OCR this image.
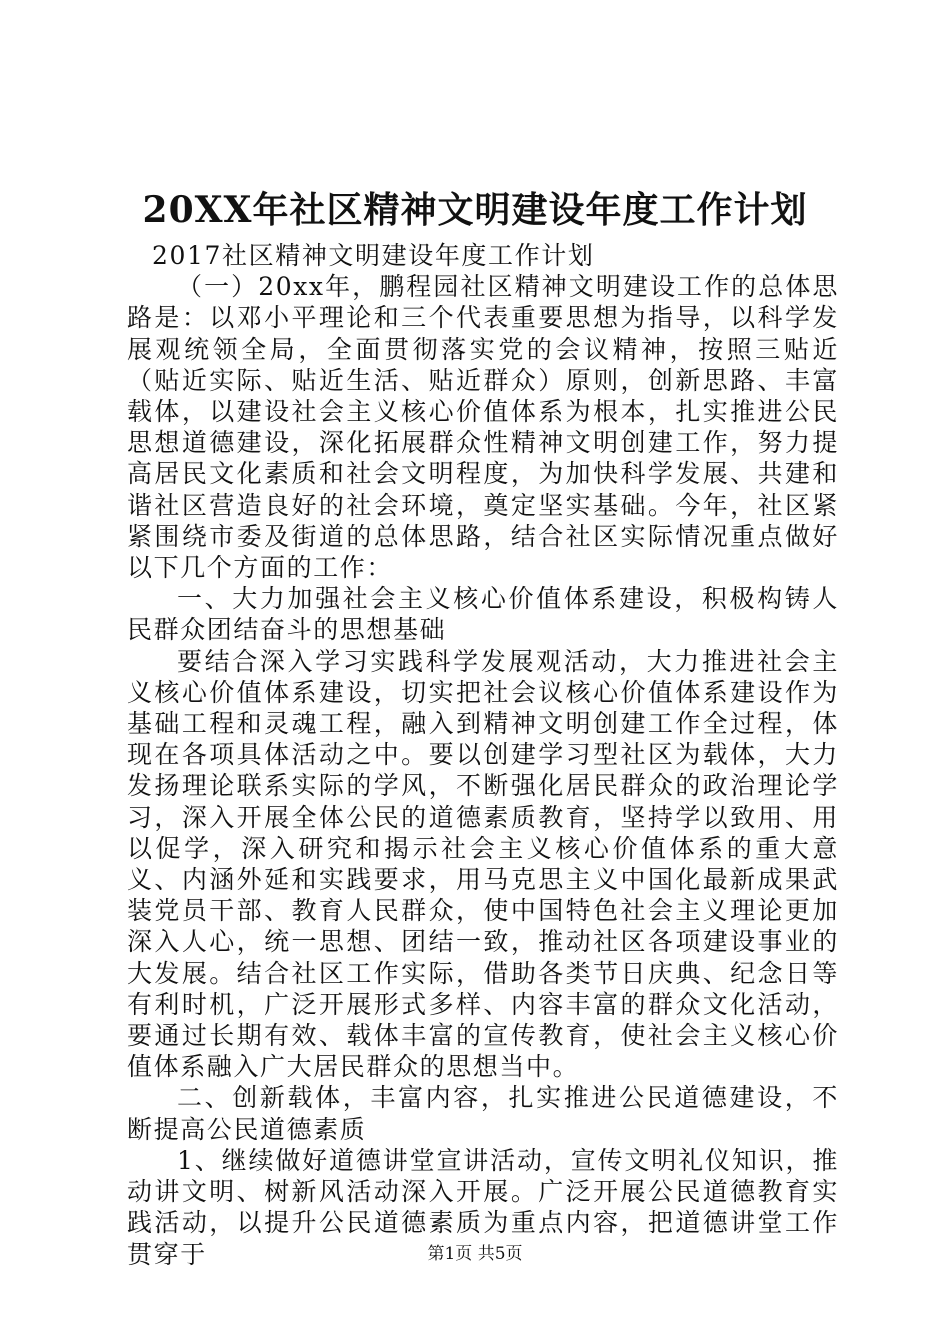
20XX年社区精神文明建设年度工作计划

2017社区精神文明建设年度工作计划

（一）20xx年，鹏程园社区精神文明建设工作的总体思路是：以邓小平理论和三个代表重要思想为指导，以科学发展观统领全局，全面贯彻落实党的会议精神，按照三贴近（贴近实际、贴近生活、贴近群众）原则，创新思路、丰富载体，以建设社会主义核心价值体系为根本，扎实推进公民思想道德建设，深化拓展群众性精神文明创建工作，努力提高居民文化素质和社会文明程度，为加快科学发展、共建和谐社区营造良好的社会环境，奠定坚实基础。今年，社区紧紧围绕市委及街道的总体思路，结合社区实际情况重点做好以下几个方面的工作：

一、大力加强社会主义核心价值体系建设，积极构铸人民群众团结奋斗的思想基础

要结合深入学习实践科学发展观活动，大力推进社会主义核心价值体系建设，切实把社会议核心价值体系建设作为基础工程和灵魂工程，融入到精神文明创建工作全过程，体现在各项具体活动之中。要以创建学习型社区为载体，大力发扬理论联系实际的学风，不断强化居民群众的政治理论学习，深入开展全体公民的道德素质教育，坚持学以致用、用以促学，深入研究和揭示社会主义核心价值体系的重大意义、内涵外延和实践要求，用马克思主义中国化最新成果武装党员干部、教育人民群众，使中国特色社会主义理论更加深入人心，统一思想、团结一致，推动社区各项建设事业的大发展。结合社区工作实际，借助各类节日庆典、纪念日等有利时机，广泛开展形式多样、内容丰富的群众文化活动，要通过长期有效、载体丰富的宣传教育，使社会主义核心价值体系融入广大居民群众的思想当中。

二、创新载体，丰富内容，扎实推进公民道德建设，不断提高公民道德素质

1、继续做好道德讲堂宣讲活动，宣传文明礼仪知识，推动讲文明、树新风活动深入开展。广泛开展公民道德教育实践活动，以提升公民道德素质为重点内容，把道德讲堂工作贯穿于	第1页 共5页
